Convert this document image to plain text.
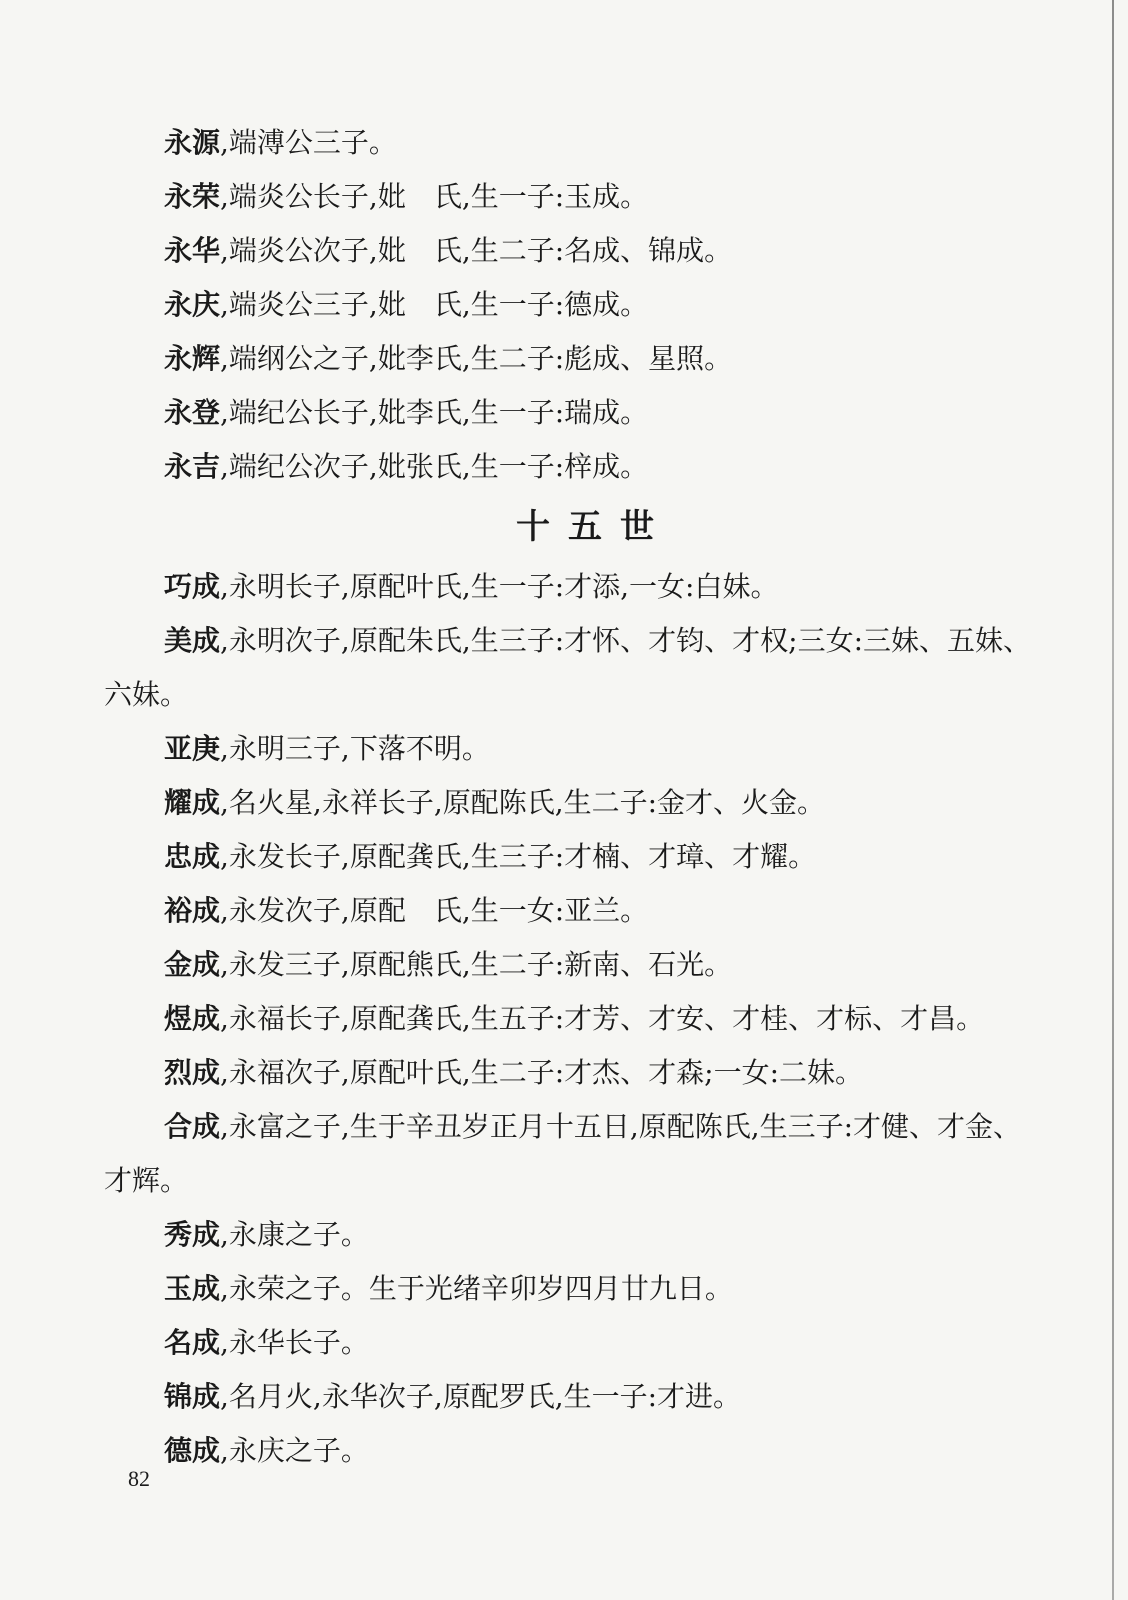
永源,端溥公三子。

永荣,端炎公长子,妣　氏,生一子:玉成。

永华,端炎公次子,妣　氏,生二子:名成、锦成。

永庆,端炎公三子,妣　氏,生一子:德成。

永辉,端纲公之子,妣李氏,生二子:彪成、星照。

永登,端纪公长子,妣李氏,生一子:瑞成。

永吉,端纪公次子,妣张氏,生一子:梓成。

十五世

巧成,永明长子,原配叶氏,生一子:才添,一女:白妹。

美成,永明次子,原配朱氏,生三子:才怀、才钧、才权;三女:三妹、五妹、六妹。

亚庚,永明三子,下落不明。

耀成,名火星,永祥长子,原配陈氏,生二子:金才、火金。

忠成,永发长子,原配龚氏,生三子:才楠、才璋、才耀。

裕成,永发次子,原配　氏,生一女:亚兰。

金成,永发三子,原配熊氏,生二子:新南、石光。

煜成,永福长子,原配龚氏,生五子:才芳、才安、才桂、才标、才昌。

烈成,永福次子,原配叶氏,生二子:才杰、才森;一女:二妹。

合成,永富之子,生于辛丑岁正月十五日,原配陈氏,生三子:才健、才金、才辉。

秀成,永康之子。

玉成,永荣之子。生于光绪辛卯岁四月廿九日。

名成,永华长子。

锦成,名月火,永华次子,原配罗氏,生一子:才进。

德成,永庆之子。

82
